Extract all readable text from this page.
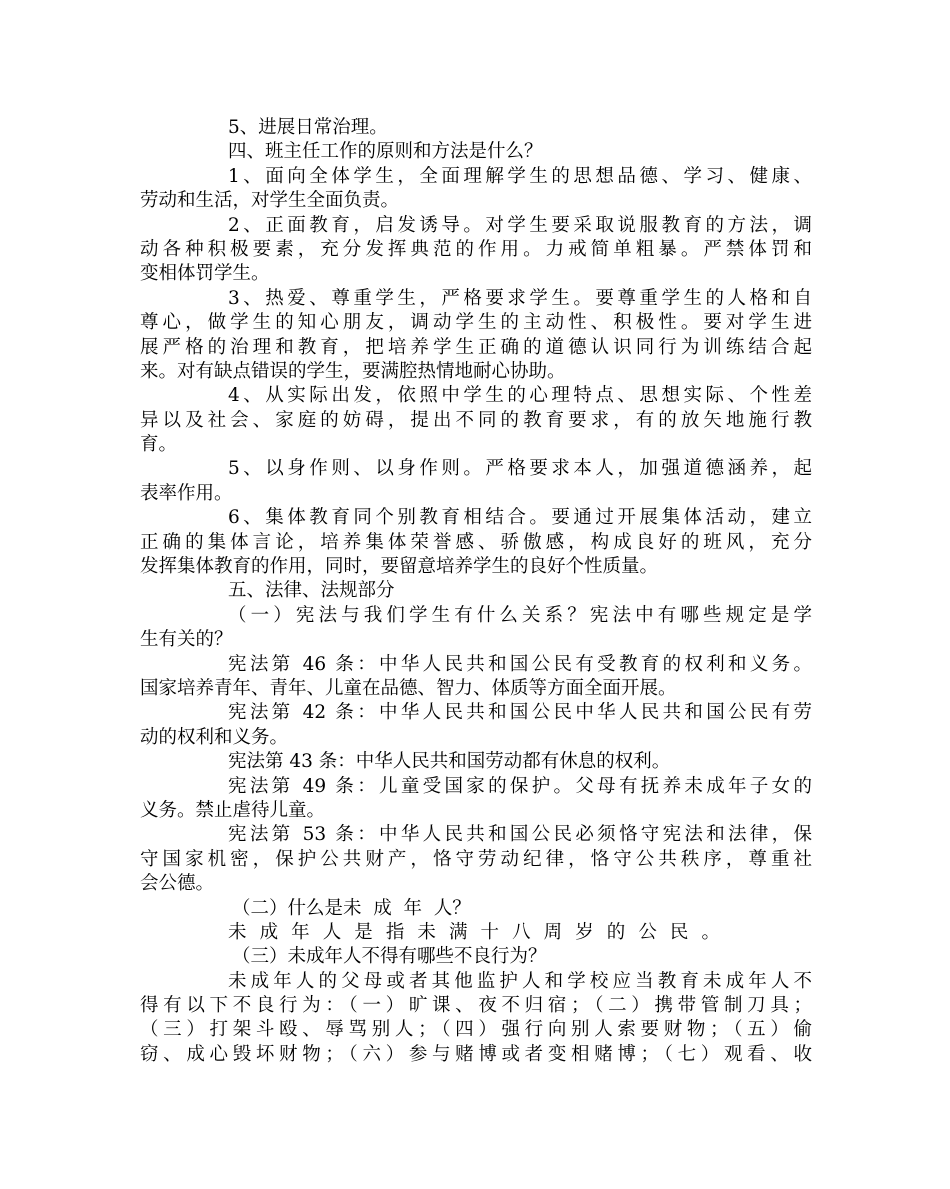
5、进展日常治理。
四、班主任工作的原则和方法是什么？
1、面向全体学生，全面理解学生的思想品德、学习、健康、
劳动和生活，对学生全面负责。
2、正面教育，启发诱导。对学生要采取说服教育的方法，调
动各种积极要素，充分发挥典范的作用。力戒简单粗暴。严禁体罚和
变相体罚学生。
3、热爱、尊重学生，严格要求学生。要尊重学生的人格和自
尊心，做学生的知心朋友，调动学生的主动性、积极性。要对学生进
展严格的治理和教育，把培养学生正确的道德认识同行为训练结合起
来。对有缺点错误的学生，要满腔热情地耐心协助。
4、从实际出发，依照中学生的心理特点、思想实际、个性差
异以及社会、家庭的妨碍，提出不同的教育要求，有的放矢地施行教
育。
5、以身作则、以身作则。严格要求本人，加强道德涵养，起
表率作用。
6、集体教育同个别教育相结合。要通过开展集体活动，建立
正确的集体言论，培养集体荣誉感、骄傲感，构成良好的班风，充分
发挥集体教育的作用，同时，要留意培养学生的良好个性质量。
五、法律、法规部分
（一）宪法与我们学生有什么关系？宪法中有哪些规定是学
生有关的？
宪法第 46 条：中华人民共和国公民有受教育的权利和义务。
国家培养青年、青年、儿童在品德、智力、体质等方面全面开展。
宪法第 42 条：中华人民共和国公民中华人民共和国公民有劳
动的权利和义务。
宪法第 43 条：中华人民共和国劳动都有休息的权利。
宪法第 49 条：儿童受国家的保护。父母有抚养未成年子女的
义务。禁止虐待儿童。
宪法第 53 条：中华人民共和国公民必须恪守宪法和法律，保
守国家机密，保护公共财产，恪守劳动纪律，恪守公共秩序，尊重社
会公德。
（二）什么是未  成  年  人？
未成年人是指未满十八周岁的公民。
（三）未成年人不得有哪些不良行为？
未成年人的父母或者其他监护人和学校应当教育未成年人不
得有以下不良行为：（一）旷课、夜不归宿；（二）携带管制刀具；
（三）打架斗殴、辱骂别人；（四）强行向别人索要财物；（五）偷
窃、成心毁坏财物；（六）参与赌博或者变相赌博；（七）观看、收
